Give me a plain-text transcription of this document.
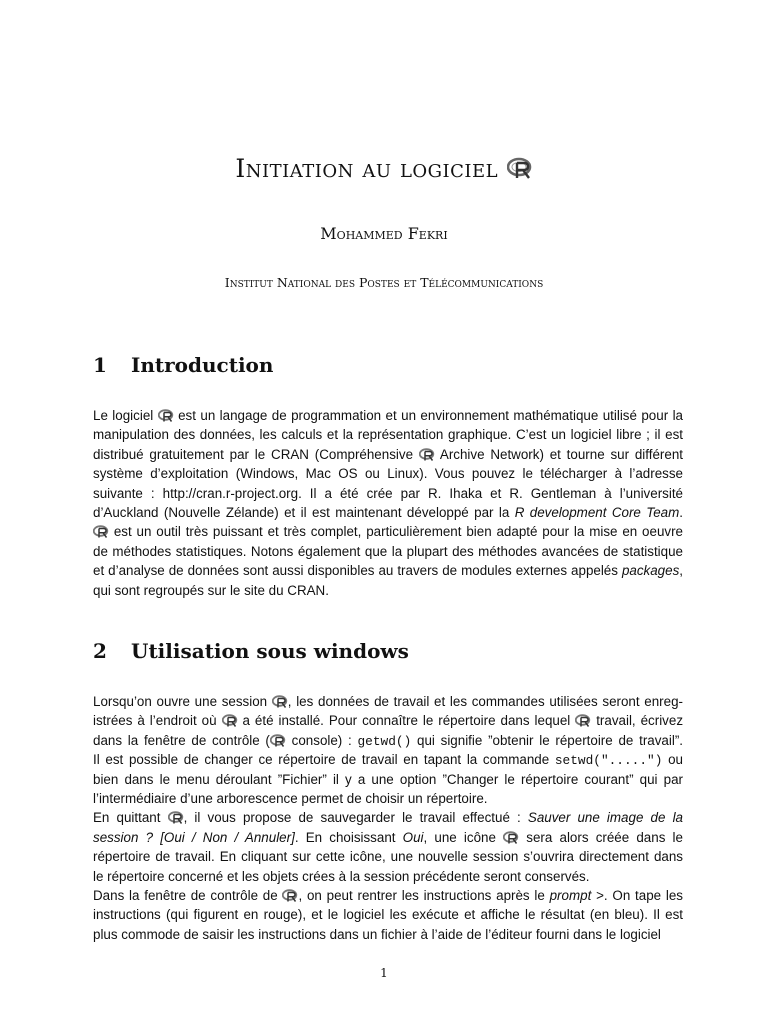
Initiation au logiciel
Mohammed Fekri
Institut National des Postes et Télécommunications
1 Introduction
Le logiciel
est un langage de programmation et un environnement mathématique utilisé pour la
manipulation des données, les calculs et la représentation graphique. C’est un logiciel libre ; il est
distribué gratuitement par le CRAN (Compréhensive
Archive Network) et tourne sur différent
système d’exploitation (Windows, Mac OS ou Linux). Vous pouvez le télécharger à l’adresse
suivante : http://cran.r-project.org. Il a été crée par R. Ihaka et R. Gentleman à l’université
d’Auckland (Nouvelle Zélande) et il est maintenant développé par la R development Core Team.
est un outil très puissant et très complet, particulièrement bien adapté pour la mise en oeuvre
de méthodes statistiques. Notons également que la plupart des méthodes avancées de statistique
et d’analyse de données sont aussi disponibles au travers de modules externes appelés packages,
qui sont regroupés sur le site du CRAN.
2 Utilisation sous windows
Lorsqu’on ouvre une session
, les données de travail et les commandes utilisées seront enreg-
istrées à l’endroit où
a été installé. Pour connaître le répertoire dans lequel
travail, écrivez
dans la fenêtre de contrôle (
console) : getwd() qui signifie ”obtenir le répertoire de travail”.
Il est possible de changer ce répertoire de travail en tapant la commande setwd(".....") ou
bien dans le menu déroulant ”Fichier” il y a une option ”Changer le répertoire courant” qui par
l’intermédiaire d’une arborescence permet de choisir un répertoire.
En quittant
, il vous propose de sauvegarder le travail effectué : Sauver une image de la
session ? [Oui / Non / Annuler]. En choisissant Oui, une icône
sera alors créée dans le
répertoire de travail. En cliquant sur cette icône, une nouvelle session s’ouvrira directement dans
le répertoire concerné et les objets crées à la session précédente seront conservés.
Dans la fenêtre de contrôle de
, on peut rentrer les instructions après le prompt >. On tape les
instructions (qui figurent en rouge), et le logiciel les exécute et affiche le résultat (en bleu). Il est
plus commode de saisir les instructions dans un fichier à l’aide de l’éditeur fourni dans le logiciel
1
